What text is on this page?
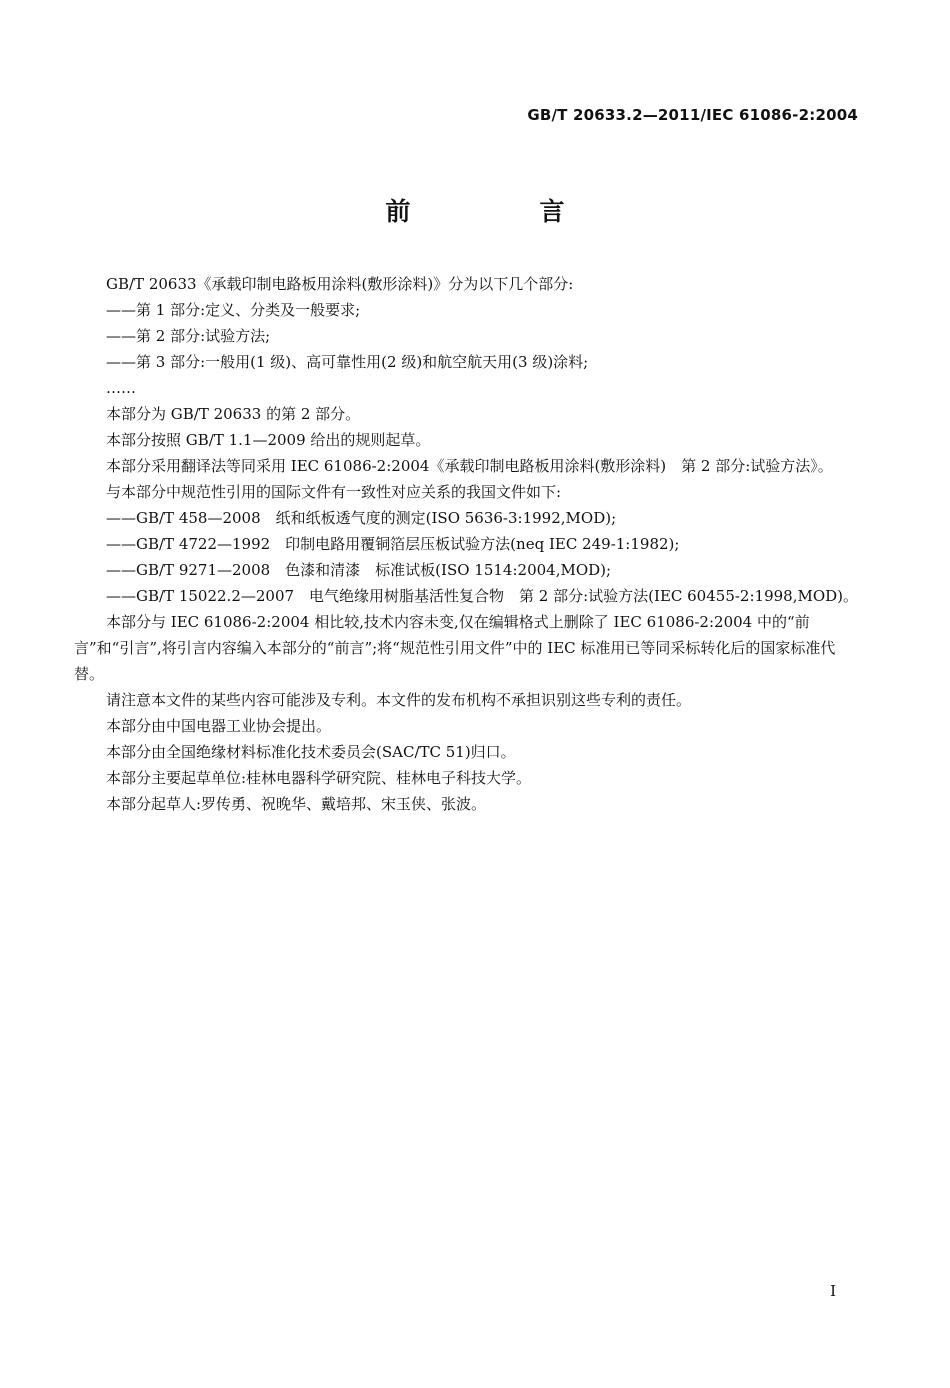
GB/T 20633.2—2011/IEC 61086-2:2004
前　言

GB/T 20633《承载印制电路板用涂料(敷形涂料)》分为以下几个部分:

——第 1 部分:定义、分类及一般要求;

——第 2 部分:试验方法;

——第 3 部分:一般用(1 级)、高可靠性用(2 级)和航空航天用(3 级)涂料;

……

本部分为 GB/T 20633 的第 2 部分。

本部分按照 GB/T 1.1—2009 给出的规则起草。

本部分采用翻译法等同采用 IEC 61086-2:2004《承载印制电路板用涂料(敷形涂料)　第 2 部分:试验方法》。

与本部分中规范性引用的国际文件有一致性对应关系的我国文件如下:

——GB/T 458—2008　纸和纸板透气度的测定(ISO 5636-3:1992,MOD);

——GB/T 4722—1992　印制电路用覆铜箔层压板试验方法(neq IEC 249-1:1982);

——GB/T 9271—2008　色漆和清漆　标准试板(ISO 1514:2004,MOD);

——GB/T 15022.2—2007　电气绝缘用树脂基活性复合物　第 2 部分:试验方法(IEC 60455-2:1998,MOD)。

本部分与 IEC 61086-2:2004 相比较,技术内容未变,仅在编辑格式上删除了 IEC 61086-2:2004 中的“前言”和“引言”,将引言内容编入本部分的“前言”;将“规范性引用文件”中的 IEC 标准用已等同采标转化后的国家标准代替。

请注意本文件的某些内容可能涉及专利。本文件的发布机构不承担识别这些专利的责任。

本部分由中国电器工业协会提出。

本部分由全国绝缘材料标准化技术委员会(SAC/TC 51)归口。

本部分主要起草单位:桂林电器科学研究院、桂林电子科技大学。

本部分起草人:罗传勇、祝晚华、戴培邦、宋玉侠、张波。

I
